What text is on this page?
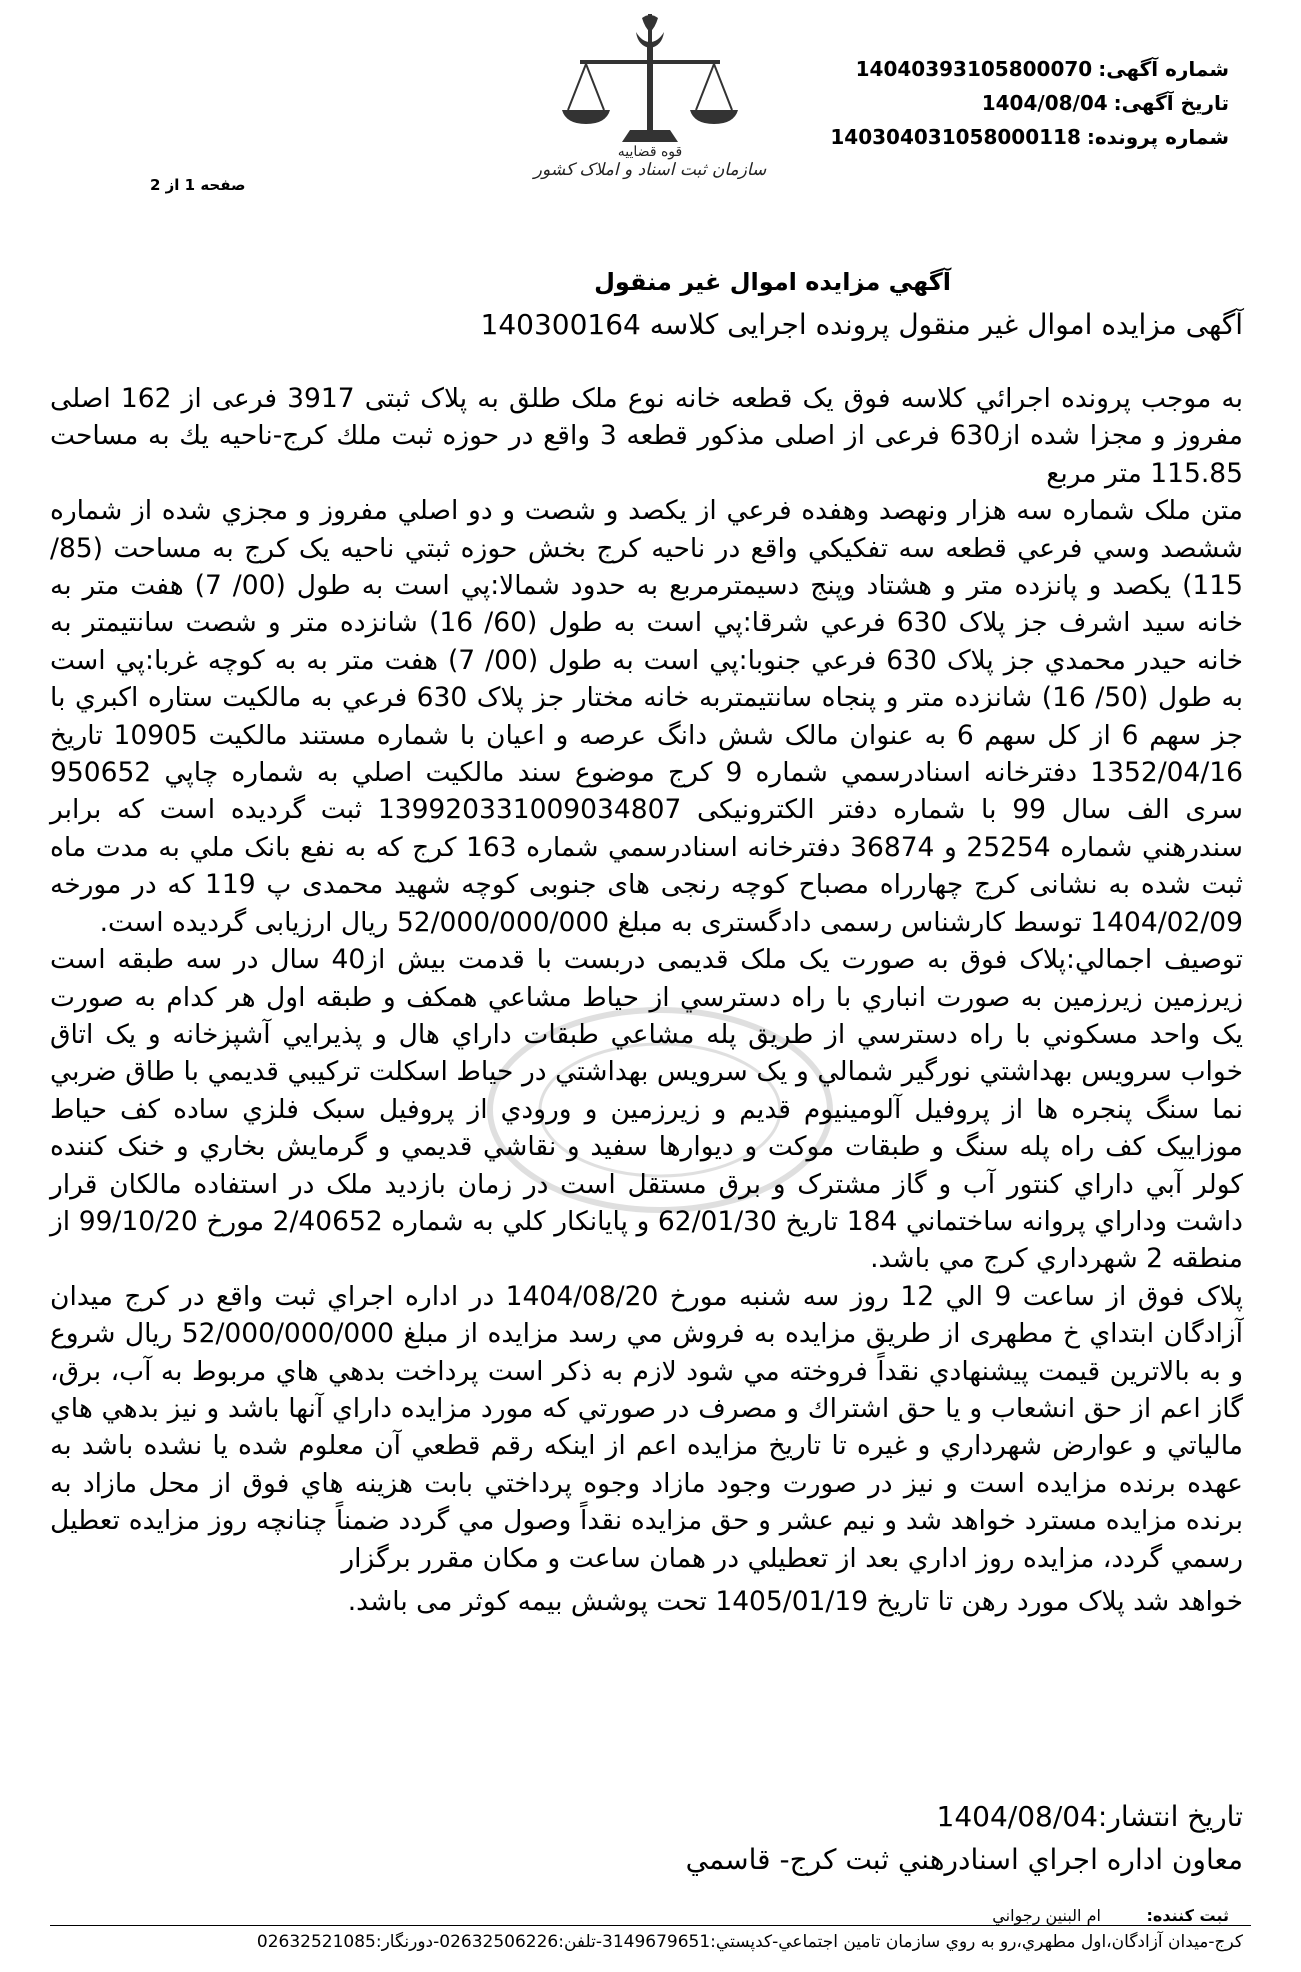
قوه قضاییه
سازمان ثبت اسناد و املاک کشور
شماره آگهی:14040393105800070
تاریخ آگهی:1404/08/04
شماره پرونده:14030403105800011​8
صفحه 1 از 2
آگهي مزايده اموال غير منقول
آگهی مزایده اموال غیر منقول پرونده اجرایی کلاسه 140300164

به موجب پرونده اجرائي كلاسه فوق يک قطعه خانه نوع ملک طلق به پلاک ثبتی 3917 فرعی از 162 اصلی مفروز و مجزا شده از630 فرعی از اصلی مذکور قطعه 3 واقع در حوزه ثبت ملك كرج-ناحيه يك به مساحت 115.85 متر مربع

متن ملک شماره سه هزار ونهصد وهفده فرعي از يكصد و شصت و دو اصلي مفروز و مجزي شده از شماره ششصد وسي فرعي قطعه سه تفكيكي واقع در ناحيه كرج بخش حوزه ثبتي ناحيه یک كرج به مساحت (85/ 115) يكصد و پانزده متر و هشتاد وپنج دسيمترمربع به حدود شمالا:پي است به طول (00/ 7) هفت متر به خانه سيد اشرف جز پلاک 630 فرعي شرقا:پي است به طول (60/ 16) شانزده متر و شصت سانتيمتر به خانه حيدر محمدي جز پلاک 630 فرعي جنوبا:پي است به طول (00/ 7) هفت متر به به كوچه غربا:پي است به طول (50/ 16) شانزده متر و پنجاه سانتيمتربه خانه مختار جز پلاک 630 فرعي به مالكيت ستاره اكبري با جز سهم 6 از کل سهم 6 به عنوان مالک شش دانگ عرصه و اعيان با شماره مستند مالكيت 10905 تاريخ 1352/04/16 دفترخانه اسنادرسمي شماره 9 كرج موضوع سند مالكيت اصلي به شماره چاپي 950652 سری الف سال 99 با شماره دفتر الكترونيكی 139920331009034807 ثبت گرديده است كه برابر سندرهني شماره 25254 و 36874 دفترخانه اسنادرسمي شماره 163 كرج كه به نفع بانک ملي به مدت ماه ثبت شده به نشانی كرج چهارراه مصباح كوچه رنجی های جنوبی كوچه شهيد محمدی پ 119 كه در مورخه 1404/02/09 توسط كارشناس رسمی دادگستری به مبلغ 52/000/000/000 ريال ارزيابی گرديده است.

توصيف اجمالي:پلاک فوق به صورت یک ملک قدیمی دربست با قدمت بیش از40 سال در سه طبقه است زيرزمين زيرزمين به صورت انباري با راه دسترسي از حياط مشاعي همكف و طبقه اول هر كدام به صورت يک واحد مسكوني با راه دسترسي از طريق پله مشاعي طبقات داراي هال و پذيرايي آشپزخانه و يک اتاق خواب سرويس بهداشتي نورگير شمالي و يک سرويس بهداشتي در حياط اسكلت تركيبي قديمي با طاق ضربي نما سنگ پنجره ها از پروفيل آلومينيوم قديم و زيرزمين و ورودي از پروفيل سبک فلزي ساده كف حياط موزاييک كف راه پله سنگ و طبقات موكت و ديوارها سفيد و نقاشي قديمي و گرمايش بخاري و خنک كننده كولر آبي داراي كنتور آب و گاز مشترک و برق مستقل است در زمان بازديد ملک در استفاده مالكان قرار داشت وداراي پروانه ساختماني 184 تاريخ 62/01/30 و پايانكار كلي به شماره 2/40652 مورخ 99/10/20 از منطقه 2 شهرداري كرج مي باشد.

پلاک فوق از ساعت 9 الي 12 روز سه شنبه مورخ 1404/08/20 در اداره اجراي ثبت واقع در كرج ميدان آزادگان ابتداي خ مطهری از طريق مزايده به فروش مي رسد مزايده از مبلغ 52/000/000/000 ريال شروع و به بالاترين قيمت پيشنهادي نقداً فروخته مي شود لازم به ذكر است پرداخت بدهي هاي مربوط به آب، برق، گاز اعم از حق انشعاب و يا حق اشتراك و مصرف در صورتي كه مورد مزايده داراي آنها باشد و نيز بدهي هاي مالياتي و عوارض شهرداري و غيره تا تاريخ مزايده اعم از اينكه رقم قطعي آن معلوم شده يا نشده باشد به عهده برنده مزايده است و نيز در صورت وجود مازاد وجوه پرداختي بابت هزينه هاي فوق از محل مازاد به برنده مزايده مسترد خواهد شد و نيم عشر و حق مزايده نقداً وصول مي گردد ضمناً چنانچه روز مزايده تعطيل رسمي گردد، مزايده روز اداري بعد از تعطيلي در همان ساعت و مكان مقرر برگزار

خواهد شد پلاک مورد رهن تا تاریخ 1405/01/19 تحت پوشش بیمه کوثر می باشد.

تاريخ انتشار:1404/08/04
معاون اداره اجراي اسنادرهني ثبت كرج- قاسمي
ثبت كننده: ام البنين رجواني
كرج-ميدان آزادگان،اول مطهري،رو به روي سازمان تامين اجتماعي-كدپستي:3149679651-تلفن:02632506226-دورنگار:02632521085
